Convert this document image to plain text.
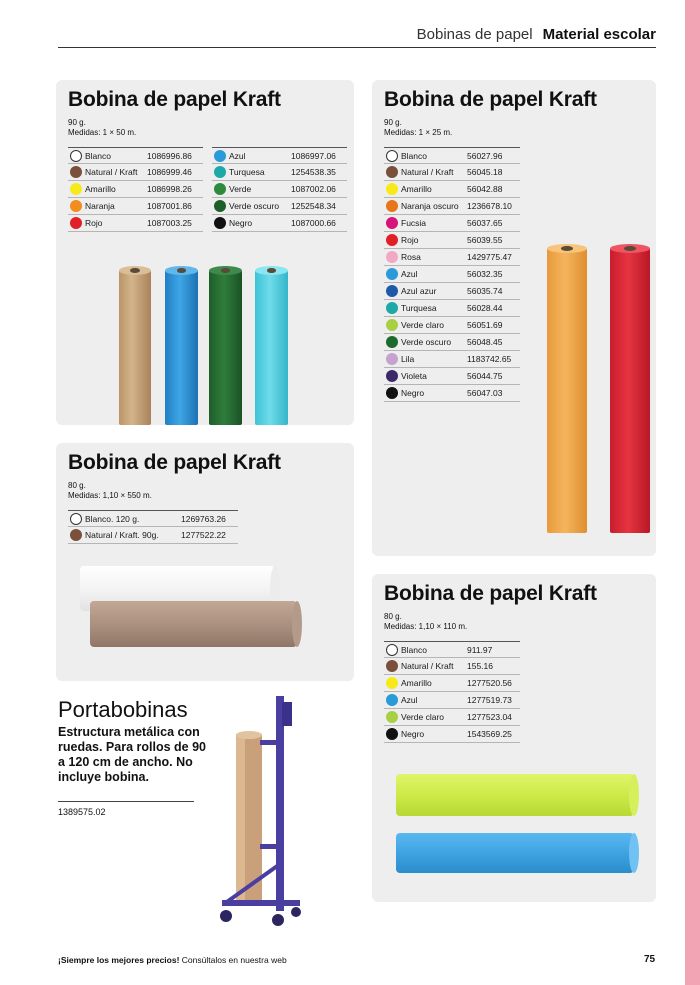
Bobinas de papel Material escolar
Bobina de papel Kraft
90 g.
Medidas: 1 × 50 m.
Blanco	1086996.86
Natural / Kraft 1086999.46
Amarillo	1086998.26
Naranja	1087001.86
Rojo	1087003.25
Azul	1086997.06
Turquesa	1254538.35
Verde	1087002.06
Verde oscuro 1252548.34
Negro	1087000.66
Bobina de papel Kraft
90 g.
Medidas: 1 × 25 m.
Blanco	56027.96
Natural / Kraft 56045.18
Amarillo	56042.88
Naranja oscuro 1236678.10
Fucsia	56037.65
Rojo	56039.55
Rosa	1429775.47
Azul	56032.35
Azul azur	56035.74
Turquesa	56028.44
Verde claro	56051.69
Verde oscuro 56048.45
Lila	1183742.65
Violeta	56044.75
Negro	56047.03
Bobina de papel Kraft
80 g.
Medidas: 1,10 × 550 m.
Blanco. 120 g.	1269763.26
Natural / Kraft. 90g.	1277522.22
Bobina de papel Kraft
80 g.
Medidas: 1,10 × 110 m.
Blanco	911.97
Natural / Kraft 155.16
Amarillo	1277520.56
Azul	1277519.73
Verde claro	1277523.04
Negro	1543569.25
Portabobinas
Estructura metálica con ruedas. Para rollos de 90 a 120 cm de ancho. No incluye bobina.
1389575.02
¡Siempre los mejores precios! Consúltalos en nuestra web	75
